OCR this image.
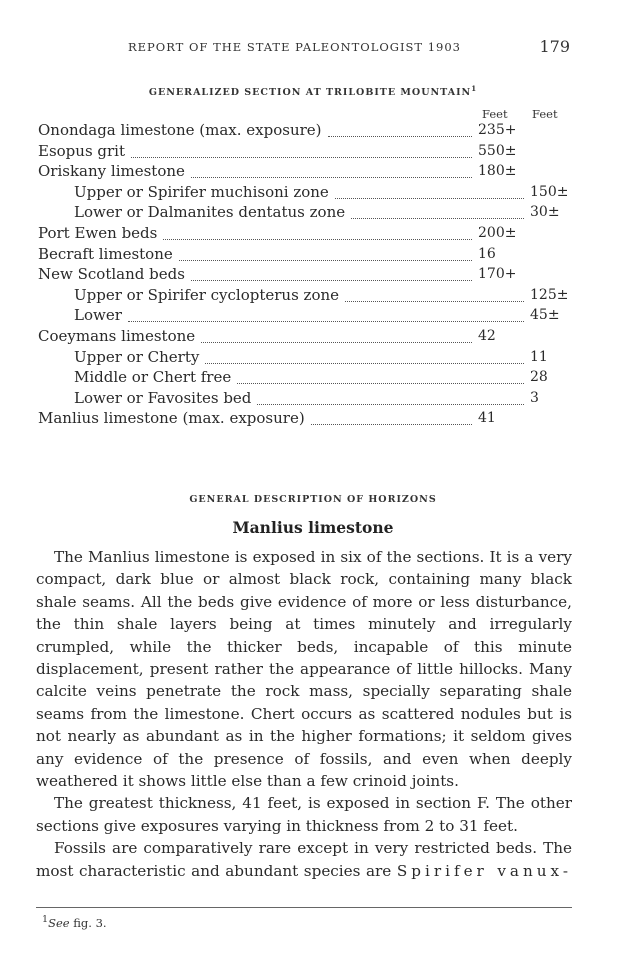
REPORT OF THE STATE PALEONTOLOGIST 1903	179
GENERALIZED SECTION AT TRILOBITE MOUNTAIN$^1$
Feet Feet
Onondaga limestone (max. exposure)	235+
Esopus grit	550±
Oriskany limestone	180±
Upper or Spirifer muchisoni zone	150±
Lower or Dalmanites dentatus zone	30±
Port Ewen beds	200±
Becraft limestone	16
New Scotland beds	170+
Upper or Spirifer cyclopterus zone	125±
Lower	45±
Coeymans limestone	42
Upper or Cherty	11
Middle or Chert free	28
Lower or Favosites bed	3
Manlius limestone (max. exposure)	41
GENERAL DESCRIPTION OF HORIZONS
Manlius limestone

The Manlius limestone is exposed in six of the sections. It is a very compact, dark blue or almost black rock, containing many black shale seams. All the beds give evidence of more or less disturbance, the thin shale layers being at times minutely and irregularly crumpled, while the thicker beds, incapable of this minute displacement, present rather the appearance of little hillocks. Many calcite veins penetrate the rock mass, specially separating shale seams from the limestone. Chert occurs as scattered nodules but is not nearly as abundant as in the higher formations; it seldom gives any evidence of the presence of fossils, and even when deeply weathered it shows little else than a few crinoid joints.

The greatest thickness, 41 feet, is exposed in section F. The other sections give exposures varying in thickness from 2 to 31 feet.

Fossils are comparatively rare except in very restricted beds. The most characteristic and abundant species are Spirifer vanux-

$^1$See fig. 3.
